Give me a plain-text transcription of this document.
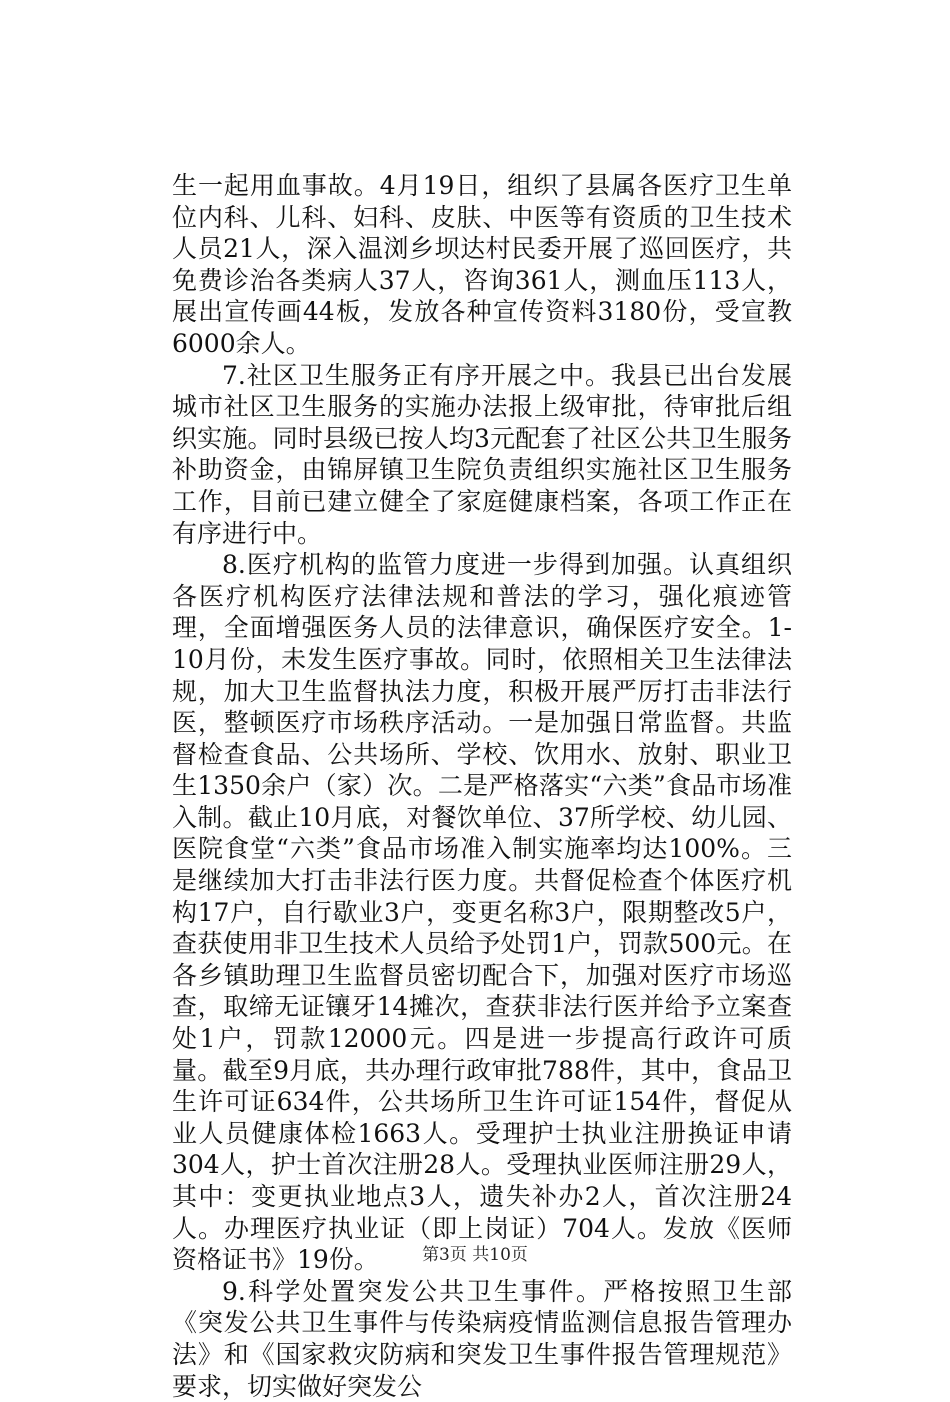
生一起用血事故。4月19日，组织了县属各医疗卫生单位内科、儿科、妇科、皮肤、中医等有资质的卫生技术人员21人，深入温浏乡坝达村民委开展了巡回医疗，共免费诊治各类病人37人，咨询361人，测血压113人，展出宣传画44板，发放各种宣传资料3180份，受宣教6000余人。

7.社区卫生服务正有序开展之中。我县已出台发展城市社区卫生服务的实施办法报上级审批，待审批后组织实施。同时县级已按人均3元配套了社区公共卫生服务补助资金，由锦屏镇卫生院负责组织实施社区卫生服务工作，目前已建立健全了家庭健康档案，各项工作正在有序进行中。

8.医疗机构的监管力度进一步得到加强。认真组织各医疗机构医疗法律法规和普法的学习，强化痕迹管理，全面增强医务人员的法律意识，确保医疗安全。1-10月份，未发生医疗事故。同时，依照相关卫生法律法规，加大卫生监督执法力度，积极开展严厉打击非法行医，整顿医疗市场秩序活动。一是加强日常监督。共监督检查食品、公共场所、学校、饮用水、放射、职业卫生1350余户（家）次。二是严格落实“六类”食品市场准入制。截止10月底，对餐饮单位、37所学校、幼儿园、医院食堂“六类”食品市场准入制实施率均达100%。三是继续加大打击非法行医力度。共督促检查个体医疗机构17户，自行歇业3户，变更名称3户，限期整改5户，查获使用非卫生技术人员给予处罚1户，罚款500元。在各乡镇助理卫生监督员密切配合下，加强对医疗市场巡查，取缔无证镶牙14摊次，查获非法行医并给予立案查处1户，罚款12000元。四是进一步提高行政许可质量。截至9月底，共办理行政审批788件，其中，食品卫生许可证634件，公共场所卫生许可证154件，督促从业人员健康体检1663人。受理护士执业注册换证申请304人，护士首次注册28人。受理执业医师注册29人，其中：变更执业地点3人，遗失补办2人，首次注册24人。办理医疗执业证（即上岗证）704人。发放《医师资格证书》19份。

9.科学处置突发公共卫生事件。严格按照卫生部《突发公共卫生事件与传染病疫情监测信息报告管理办法》和《国家救灾防病和突发卫生事件报告管理规范》要求，切实做好突发公

第3页 共10页
